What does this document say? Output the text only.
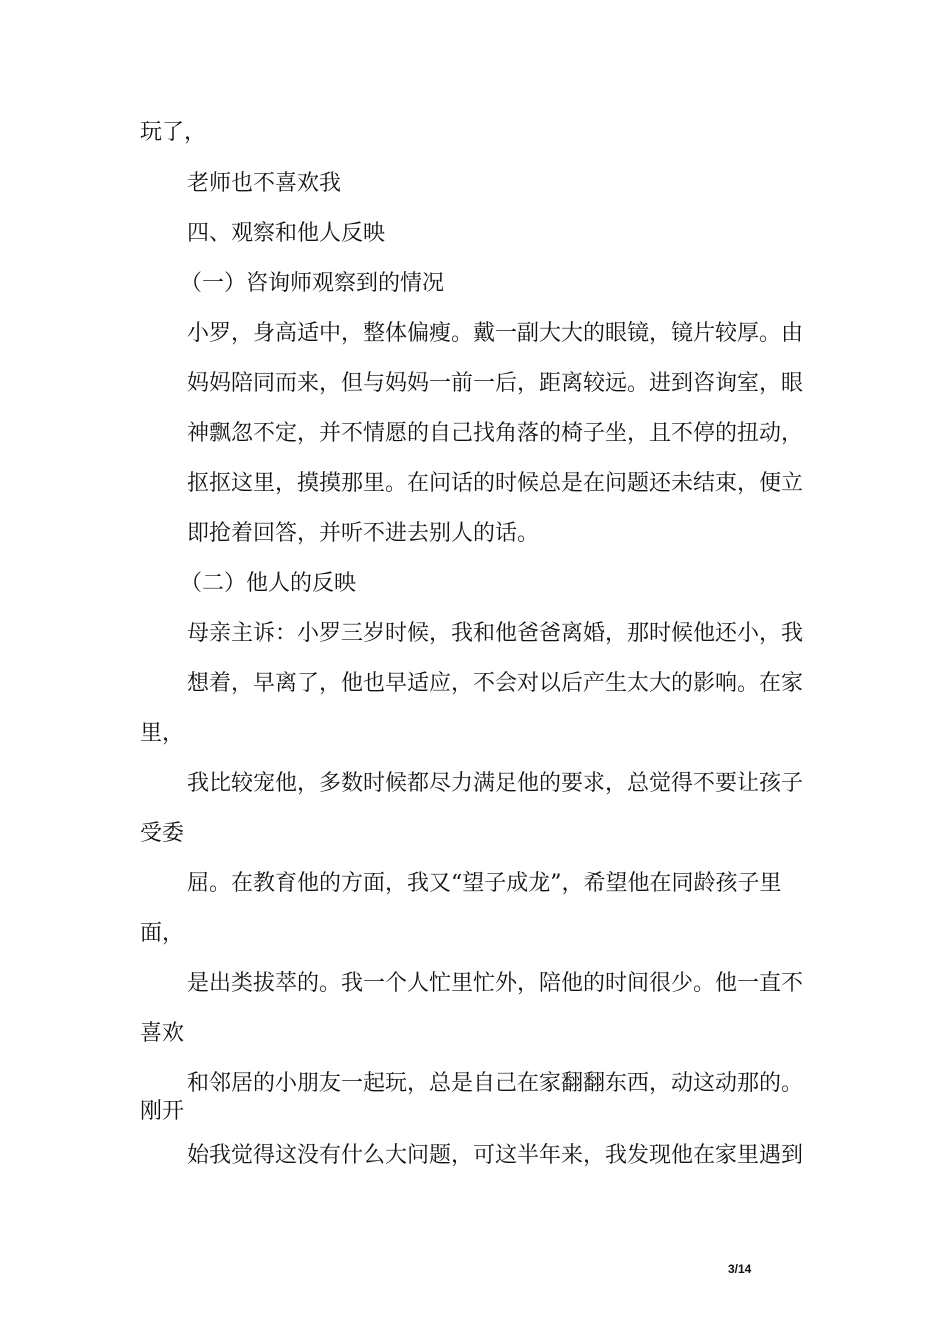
玩了，
老师也不喜欢我
四、观察和他人反映
（一）咨询师观察到的情况
小罗，身高适中，整体偏瘦。戴一副大大的眼镜，镜片较厚。由
妈妈陪同而来，但与妈妈一前一后，距离较远。进到咨询室，眼
神飘忽不定，并不情愿的自己找角落的椅子坐，且不停的扭动，
抠抠这里，摸摸那里。在问话的时候总是在问题还未结束，便立
即抢着回答，并听不进去别人的话。
（二）他人的反映
母亲主诉：小罗三岁时候，我和他爸爸离婚，那时候他还小，我
想着，早离了，他也早适应，不会对以后产生太大的影响。在家
里，
我比较宠他，多数时候都尽力满足他的要求，总觉得不要让孩子
受委
屈。在教育他的方面，我又“望子成龙”，希望他在同龄孩子里
面，
是出类拔萃的。我一个人忙里忙外，陪他的时间很少。他一直不
喜欢
和邻居的小朋友一起玩，总是自己在家翻翻东西，动这动那的。
刚开
始我觉得这没有什么大问题，可这半年来，我发现他在家里遇到
3/14
